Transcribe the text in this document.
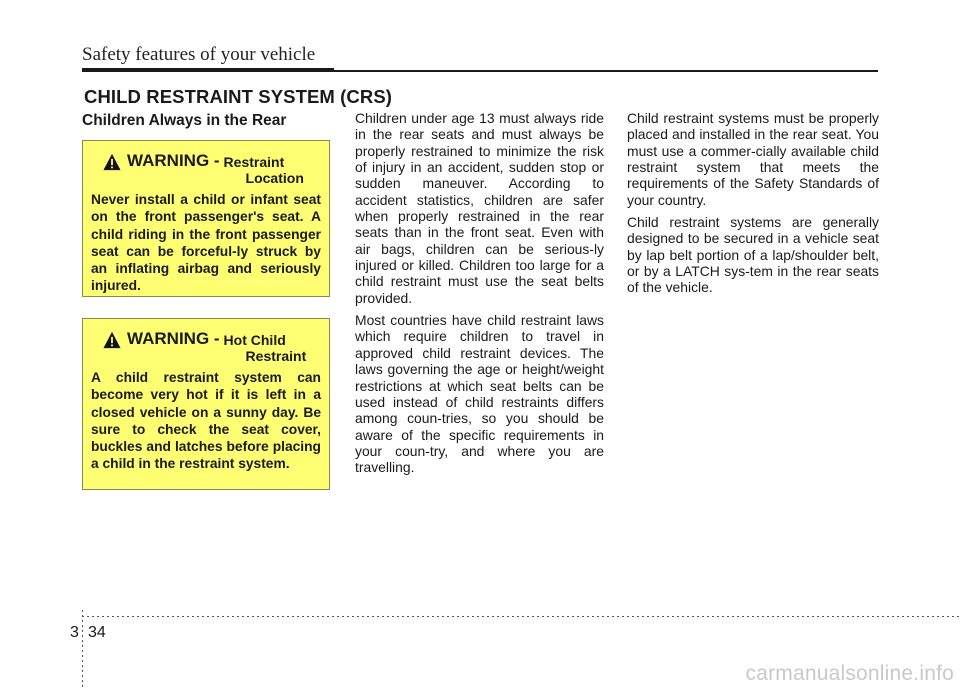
Safety features of your vehicle
CHILD RESTRAINT SYSTEM (CRS)
Children Always in the Rear
WARNING - Restraint
Location
Never install a child or infant seat on the front passenger's seat. A child riding in the front passenger seat can be forceful-ly struck by an inflating airbag and seriously injured.
WARNING - Hot Child
Restraint
A child restraint system can become very hot if it is left in a closed vehicle on a sunny day. Be sure to check the seat cover, buckles and latches before placing a child in the restraint system.

Children under age 13 must always ride in the rear seats and must always be properly restrained to minimize the risk of injury in an accident, sudden stop or sudden maneuver. According to accident statistics, children are safer when properly restrained in the rear seats than in the front seat. Even with air bags, children can be serious-ly injured or killed. Children too large for a child restraint must use the seat belts provided.

Most countries have child restraint laws which require children to travel in approved child restraint devices. The laws governing the age or height/weight restrictions at which seat belts can be used instead of child restraints differs among coun-tries, so you should be aware of the specific requirements in your coun-try, and where you are travelling.

Child restraint systems must be properly placed and installed in the rear seat. You must use a commer-cially available child restraint system that meets the requirements of the Safety Standards of your country.

Child restraint systems are generally designed to be secured in a vehicle seat by lap belt portion of a lap/shoulder belt, or by a LATCH sys-tem in the rear seats of the vehicle.

3 34
carmanualsonline.info
